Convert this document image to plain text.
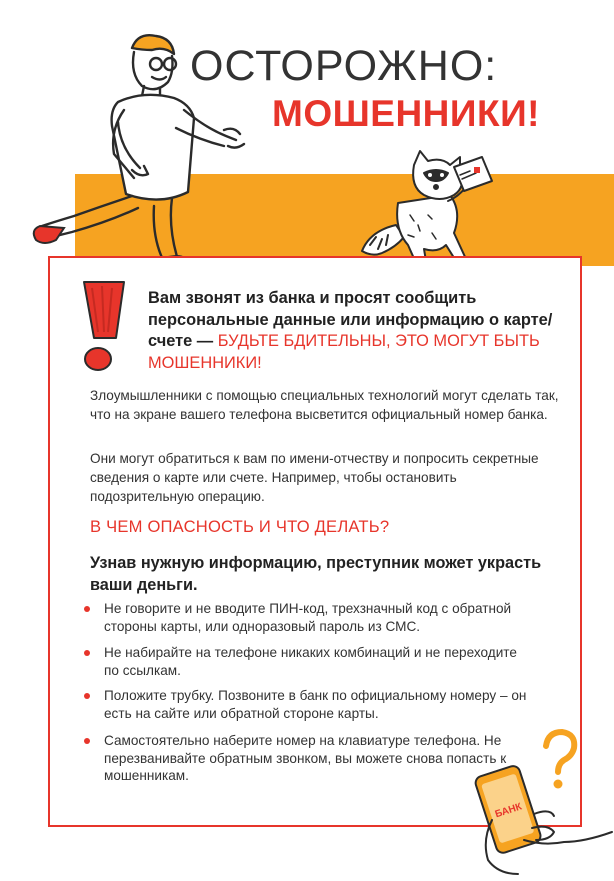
ОСТОРОЖНО:
МОШЕННИКИ!
Вам звонят из банка и просят сообщить персональные данные или информацию о карте/счете — БУДЬТЕ БДИТЕЛЬНЫ, ЭТО МОГУТ БЫТЬ МОШЕННИКИ!
Злоумышленники с помощью специальных технологий могут сделать так, что на экране вашего телефона высветится официальный номер банка.
Они могут обратиться к вам по имени-отчеству и попросить секретные сведения о карте или счете. Например, чтобы остановить подозрительную операцию.
В ЧЕМ ОПАСНОСТЬ И ЧТО ДЕЛАТЬ?
Узнав нужную информацию, преступник может украсть ваши деньги.
Не говорите и не вводите ПИН-код, трехзначный код с обратной стороны карты, или одноразовый пароль из СМС.
Не набирайте на телефоне никаких комбинаций и не переходите по ссылкам.
Положите трубку. Позвоните в банк по официальному номеру – он есть на сайте или обратной стороне карты.
Самостоятельно наберите номер на клавиатуре телефона. Не перезванивайте обратным звонком, вы можете снова попасть к мошенникам.
БАНК
